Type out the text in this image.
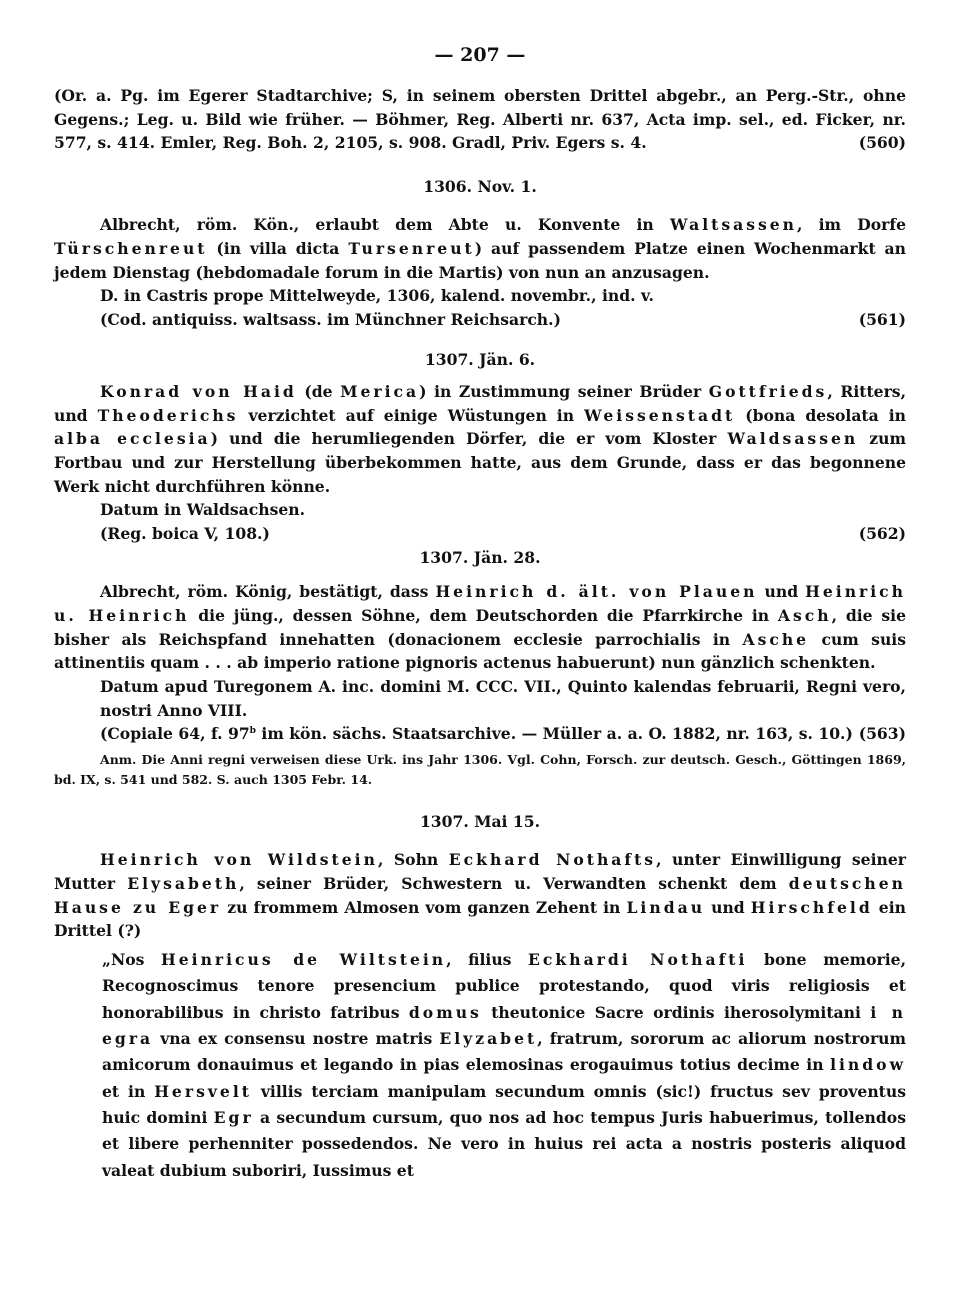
— 207 —
(Or. a. Pg. im Egerer Stadtarchive; S, in seinem obersten Drittel abgebr., an Perg.-Str., ohne Gegens.; Leg. u. Bild wie früher. — Böhmer, Reg. Alberti nr. 637, Acta imp. sel., ed. Ficker, nr. 577, s. 414. Emler, Reg. Boh. 2, 2105, s. 908. Gradl, Priv. Egers s. 4.	(560)
1306. Nov. 1.
Albrecht, röm. Kön., erlaubt dem Abte u. Konvente in Waltsassen, im Dorfe Türschenreut (in villa dicta Tursenreut) auf passendem Platze einen Wochenmarkt an jedem Dienstag (hebdomadale forum in die Martis) von nun an anzusagen.
D. in Castris prope Mittelweyde, 1306, kalend. novembr., ind. v.
(Cod. antiquiss. waltsass. im Münchner Reichsarch.)	(561)
1307. Jän. 6.
Konrad von Haid (de Merica) in Zustimmung seiner Brüder Gottfrieds, Ritters, und Theoderichs verzichtet auf einige Wüstungen in Weissenstadt (bona desolata in alba ecclesia) und die herumliegenden Dörfer, die er vom Kloster Waldsassen zum Fortbau und zur Herstellung überbekommen hatte, aus dem Grunde, dass er das begonnene Werk nicht durchführen könne.
Datum in Waldsachsen.
(Reg. boica V, 108.)	(562)
1307. Jän. 28.
Albrecht, röm. König, bestätigt, dass Heinrich d. ält. von Plauen und Heinrich u. Heinrich die jüng., dessen Söhne, dem Deutschorden die Pfarrkirche in Asch, die sie bisher als Reichspfand innehatten (donacionem ecclesie parrochialis in Asche cum suis attinentiis quam . . . ab imperio ratione pignoris actenus habuerunt) nun gänzlich schenkten.
Datum apud Turegonem A. inc. domini M. CCC. VII., Quinto kalendas februarii, Regni vero, nostri Anno VIII.
(Copiale 64, f. 97$^b$ im kön. sächs. Staatsarchive. — Müller a. a. O. 1882, nr. 163, s. 10.) (563)
Anm. Die Anni regni verweisen diese Urk. ins Jahr 1306. Vgl. Cohn, Forsch. zur deutsch. Gesch., Göttingen 1869, bd. IX, s. 541 und 582. S. auch 1305 Febr. 14.
1307. Mai 15.
Heinrich von Wildstein, Sohn Eckhard Nothafts, unter Einwilligung seiner Mutter Elysabeth, seiner Brüder, Schwestern u. Verwandten schenkt dem deutschen Hause zu Eger zu frommem Almosen vom ganzen Zehent in Lindau und Hirschfeld ein Drittel (?)
„Nos Heinricus de Wiltstein, filius Eckhardi Nothafti bone memorie, Recognoscimus tenore presencium publice protestando, quod viris religiosis et honorabilibus in christo fatribus domus theutonice Sacre ordinis iherosolymitani i n egra vna ex consensu nostre matris Elyzabet, fratrum, sororum ac aliorum nostrorum amicorum donauimus et legando in pias elemosinas erogauimus totius decime in lindow et in Hersvelt villis terciam manipulam secundum omnis (sic!) fructus sev proventus huic domini Egr a secundum cursum, quo nos ad hoc tempus Juris habuerimus, tollendos et libere perhenniter possedendos. Ne vero in huius rei acta a nostris posteris aliquod valeat dubium suboriri, Iussimus et
